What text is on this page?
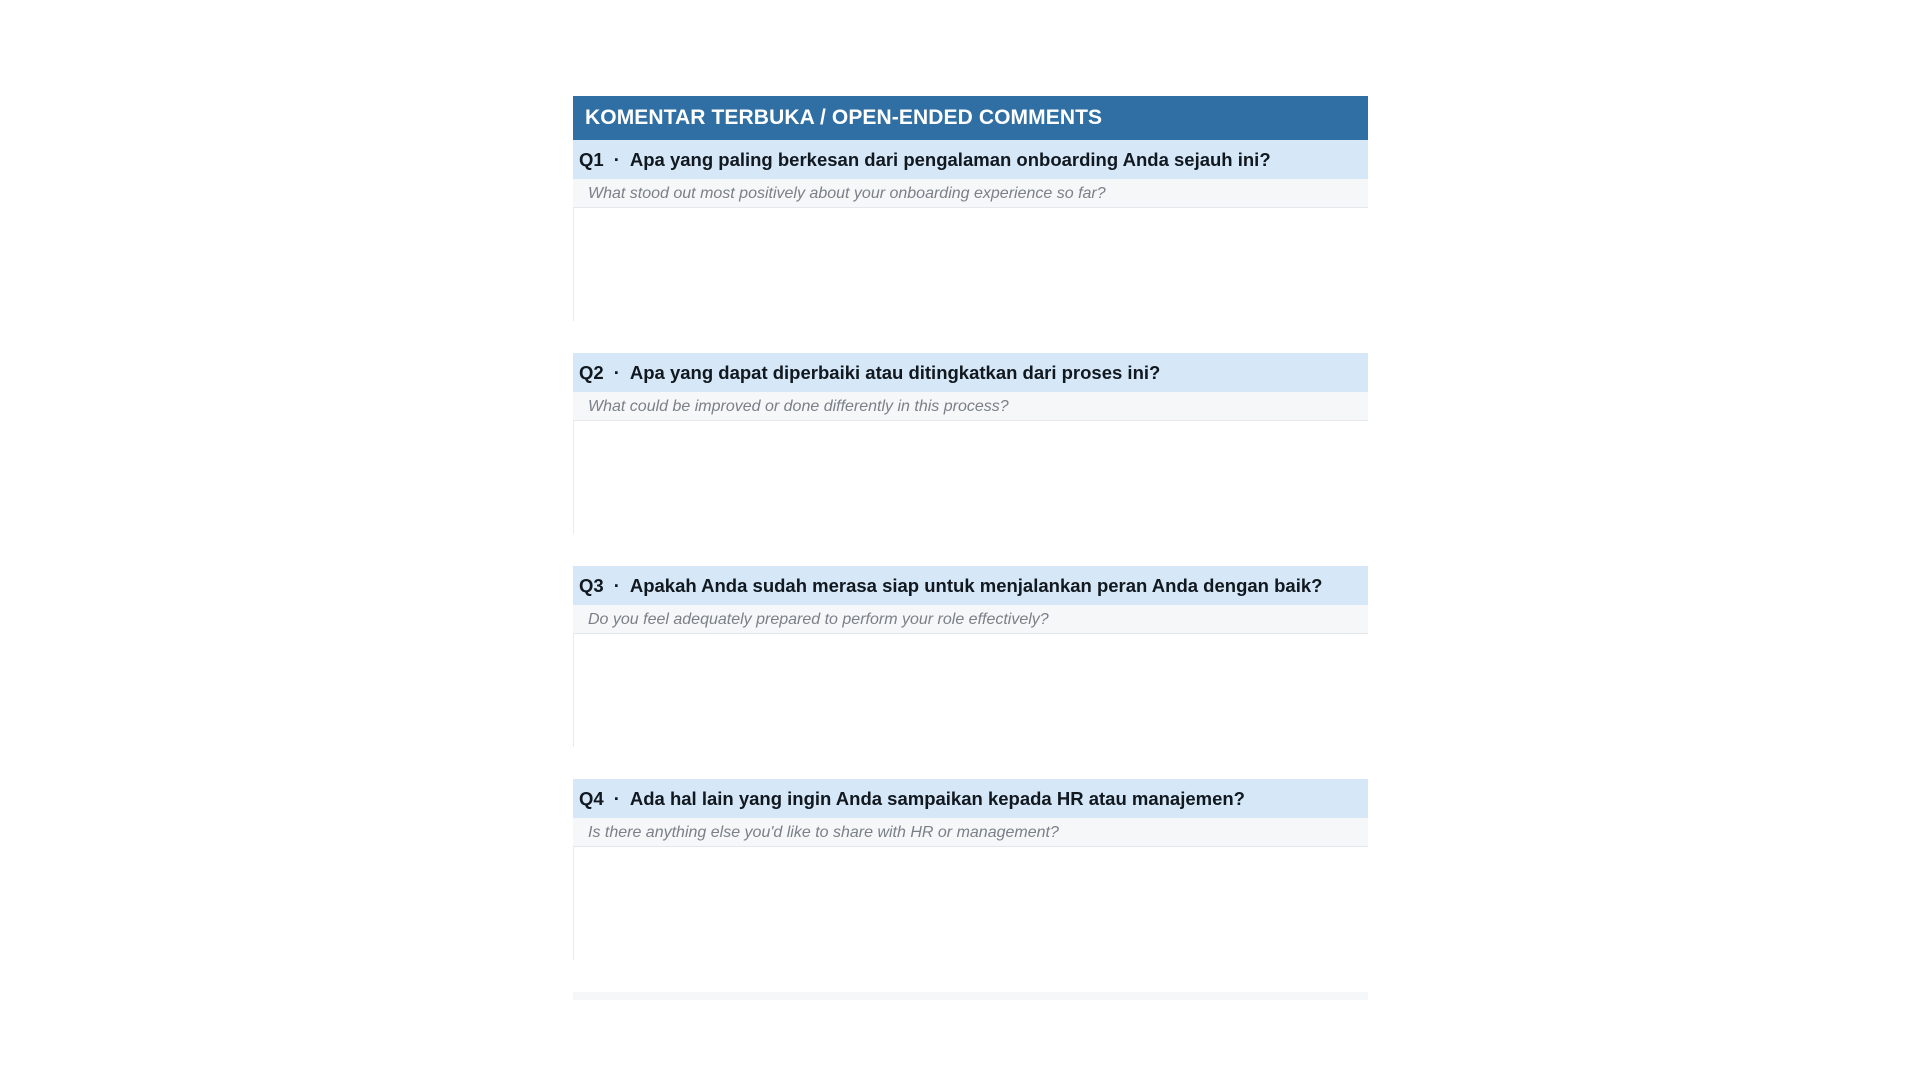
KOMENTAR TERBUKA / OPEN-ENDED COMMENTS
Q1 · Apa yang paling berkesan dari pengalaman onboarding Anda sejauh ini?
What stood out most positively about your onboarding experience so far?
Q2 · Apa yang dapat diperbaiki atau ditingkatkan dari proses ini?
What could be improved or done differently in this process?
Q3 · Apakah Anda sudah merasa siap untuk menjalankan peran Anda dengan baik?
Do you feel adequately prepared to perform your role effectively?
Q4 · Ada hal lain yang ingin Anda sampaikan kepada HR atau manajemen?
Is there anything else you'd like to share with HR or management?
